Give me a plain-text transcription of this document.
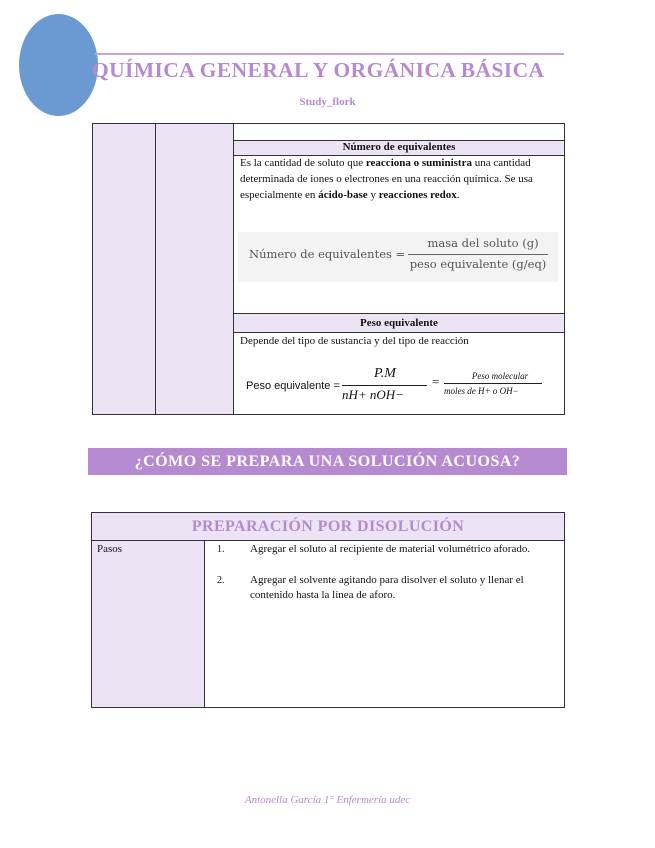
QUÍMICA GENERAL Y ORGÁNICA BÁSICA
Study_flork
Número de equivalentes
Es la cantidad de soluto que reacciona o suministra una cantidad determinada de iones o electrones en una reacción química. Se usa especialmente en ácido-base y reacciones redox.
Número de equivalentes =
masa del soluto (g)
peso equivalente (g/eq)
Peso equivalente
Depende del tipo de sustancia y del tipo de reacción
Peso equivalente =
P.M
nH+ nOH−
=	Peso molecular
moles de H+ o OH−
¿CÓMO SE PREPARA UNA SOLUCIÓN ACUOSA?
PREPARACIÓN POR DISOLUCIÓN
Pasos	1. Agregar el soluto al recipiente de material volumétrico aforado.
2. Agregar el solvente agitando para disolver el soluto y llenar el contenido hasta la línea de aforo.
Antonella García 1° Enfermería udec
